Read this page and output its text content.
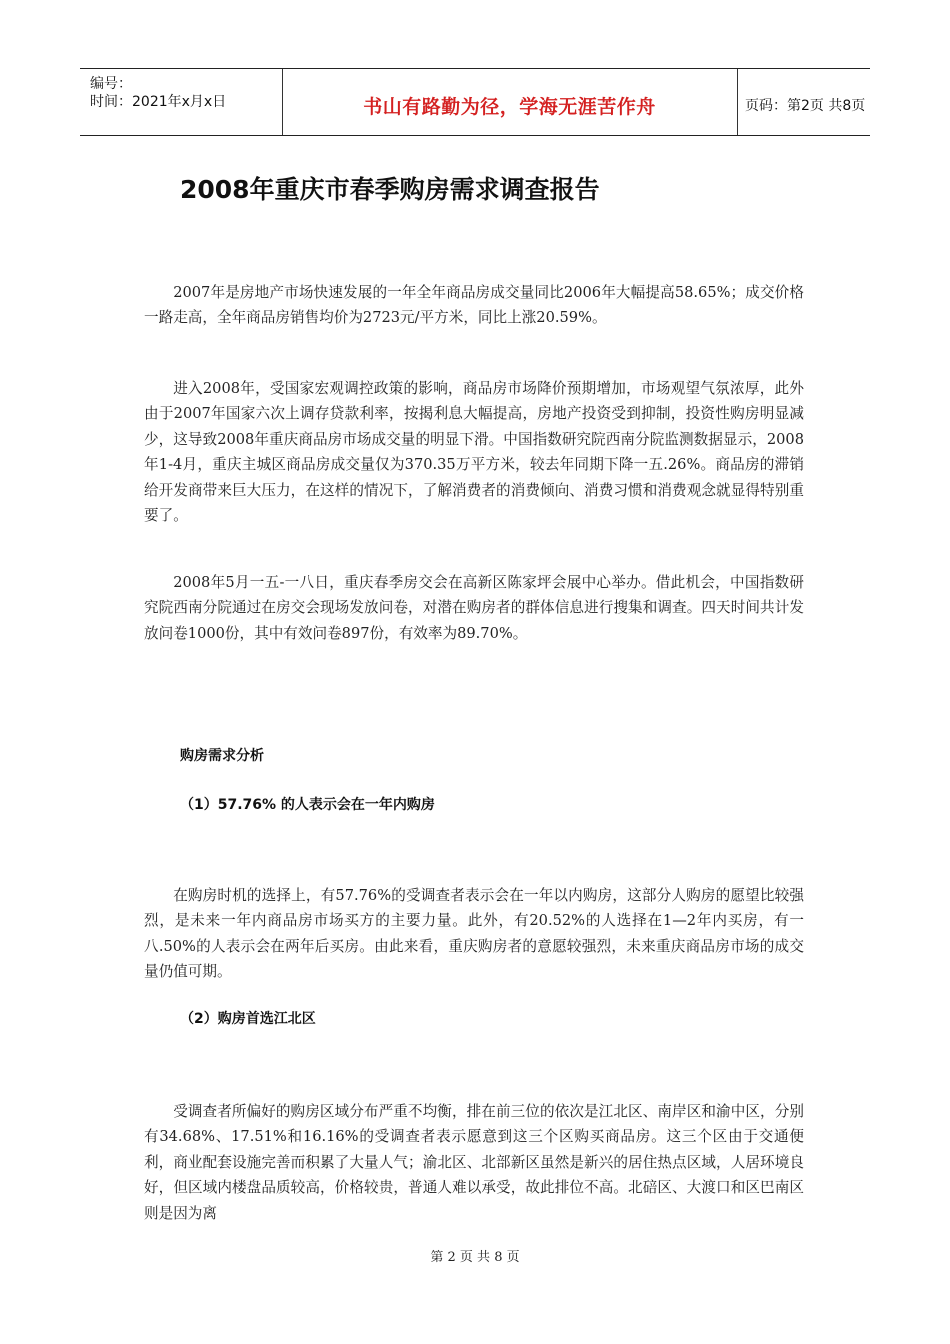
编号：
时间：2021年x月x日	书山有路勤为径，学海无涯苦作舟	页码：第2页 共8页
2008年重庆市春季购房需求调查报告

2007年是房地产市场快速发展的一年全年商品房成交量同比2006年大幅提高58.65%；成交价格一路走高，全年商品房销售均价为2723元/平方米，同比上涨20.59%。

进入2008年，受国家宏观调控政策的影响，商品房市场降价预期增加，市场观望气氛浓厚，此外由于2007年国家六次上调存贷款利率，按揭利息大幅提高，房地产投资受到抑制，投资性购房明显减少，这导致2008年重庆商品房市场成交量的明显下滑。中国指数研究院西南分院监测数据显示，2008年1-4月，重庆主城区商品房成交量仅为370.35万平方米，较去年同期下降一五.26%。商品房的滞销给开发商带来巨大压力，在这样的情况下，了解消费者的消费倾向、消费习惯和消费观念就显得特别重要了。

2008年5月一五-一八日，重庆春季房交会在高新区陈家坪会展中心举办。借此机会，中国指数研究院西南分院通过在房交会现场发放问卷，对潜在购房者的群体信息进行搜集和调查。四天时间共计发放问卷1000份，其中有效问卷897份，有效率为89.70%。

购房需求分析
（1）57.76% 的人表示会在一年内购房

在购房时机的选择上，有57.76%的受调查者表示会在一年以内购房，这部分人购房的愿望比较强烈，是未来一年内商品房市场买方的主要力量。此外，有20.52%的人选择在1—2年内买房，有一八.50%的人表示会在两年后买房。由此来看，重庆购房者的意愿较强烈，未来重庆商品房市场的成交量仍值可期。

（2）购房首选江北区

受调查者所偏好的购房区域分布严重不均衡，排在前三位的依次是江北区、南岸区和渝中区，分别有34.68%、17.51%和16.16%的受调查者表示愿意到这三个区购买商品房。这三个区由于交通便利，商业配套设施完善而积累了大量人气；渝北区、北部新区虽然是新兴的居住热点区域，人居环境良好，但区域内楼盘品质较高，价格较贵，普通人难以承受，故此排位不高。北碚区、大渡口和区巴南区则是因为离

第 2 页 共 8 页
